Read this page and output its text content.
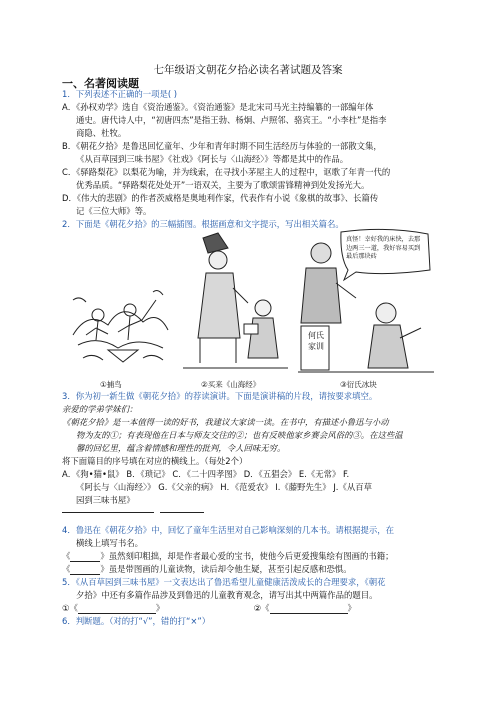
七年级语文朝花夕拾必读名著试题及答案
一、名著阅读题
1．下列表述不正确的一项是( )
A．《孙权劝学》选自《资治通鉴》。《资治通鉴》是北宋司马光主持编纂的一部编年体
通史。唐代诗人中，“初唐四杰”是指王勃、杨炯、卢照邻、骆宾王。“小李杜”是指李
商隐、杜牧。
B．《朝花夕拾》是鲁迅回忆童年、少年和青年时期不同生活经历与体验的一部散文集，
《从百草园到三味书屋》《社戏》《阿长与〈山海经〉》等都是其中的作品。
C．《驿路梨花》以梨花为喻，并为线索，在寻找小茅屋主人的过程中，讴歌了年青一代的
优秀品质。“驿路梨花处处开”一语双关，主要为了歌颂雷锋精神到处发扬光大。
D．《伟大的悲剧》的作者茨威格是奥地利作家，代表作有小说《象棋的故事》、长篇传
记《三位大师》等。
2．下面是《朝花夕拾》的三幅插图。根据画意和文字提示，写出相关篇名。
真怪！幸好我的床快，去那
边两三一道，我好容易买到
最后那块砖
何氏
家训
①捕鸟	②买来《山海经》	③衍氏冰块
3．你为初一新生做《朝花夕拾》的荐读演讲。下面是演讲稿的片段，请按要求填空。
亲爱的学弟学妹们：
《朝花夕拾》是一本值得一读的好书，我建议大家读一读。在书中，有描述小鲁迅与小动
物为友的①；有表现他在日本与师友交往的②；也有反映他家乡赛会风俗的③。在这些温
馨的回忆里，蕴含着情感和理性的批判，令人回味无穷。
将下面篇目的序号填在对应的横线上。（每处2个）
A．《狗•猫•鼠》 B．《琐记》 C．《二十四孝图》 D．《五猖会》 E.《无常》 F.
《阿长与〈山海经〉》 G.《父亲的病》 H．《范爱农》 I.《藤野先生》 J.《从百草
园到三味书屋》
4．鲁迅在《朝花夕拾》中，回忆了童年生活里对自己影响深刻的几本书。请根据提示，在
横线上填写书名。
《	》虽然刻印粗拙，却是作者最心爱的宝书，使他今后更爱搜集绘有图画的书籍；
《	》虽是带图画的儿童读物，读后却令他生疑，甚至引起反感和恐惧。
5．《从百草园到三味书屋》一文表达出了鲁迅希望儿童健康活泼成长的合理要求，《朝花
夕拾》中还有多篇作品涉及到鲁迅的儿童教育观念，请写出其中两篇作品的题目。
①《	》	②《	》
6．判断题。（对的打“√”，错的打“×”）
